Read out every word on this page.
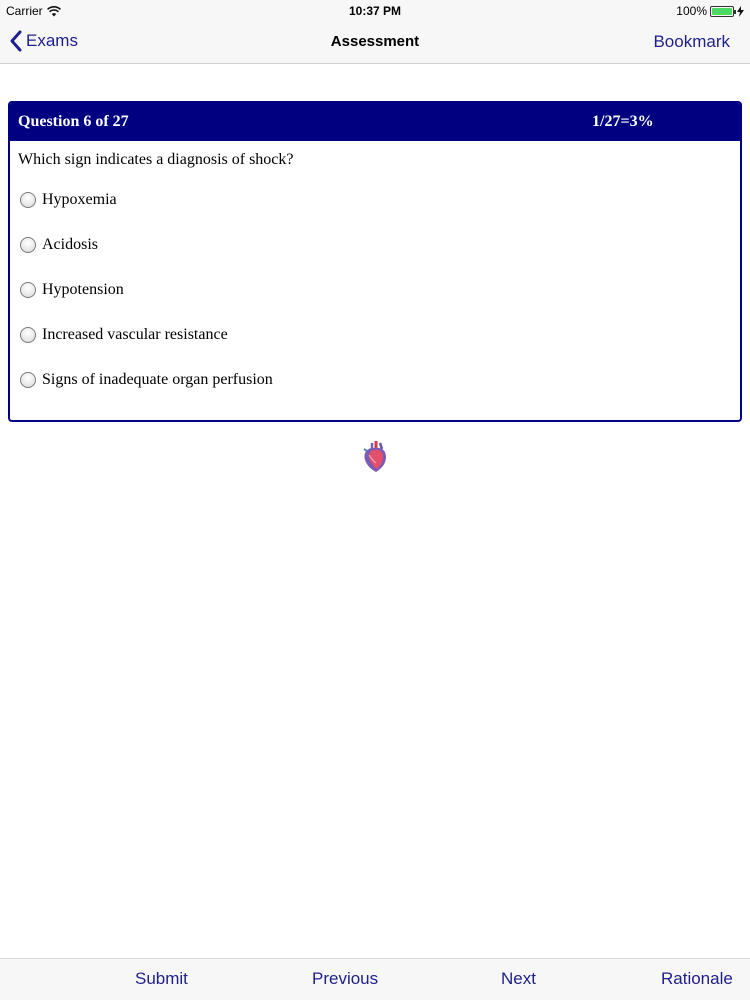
Carrier	10:37 PM	100%
Exams	Assessment	Bookmark
Question 6 of 27	1/27=3%
Which sign indicates a diagnosis of shock?
Hypoxemia
Acidosis
Hypotension
Increased vascular resistance
Signs of inadequate organ perfusion
Submit	Previous	Next	Rationale
